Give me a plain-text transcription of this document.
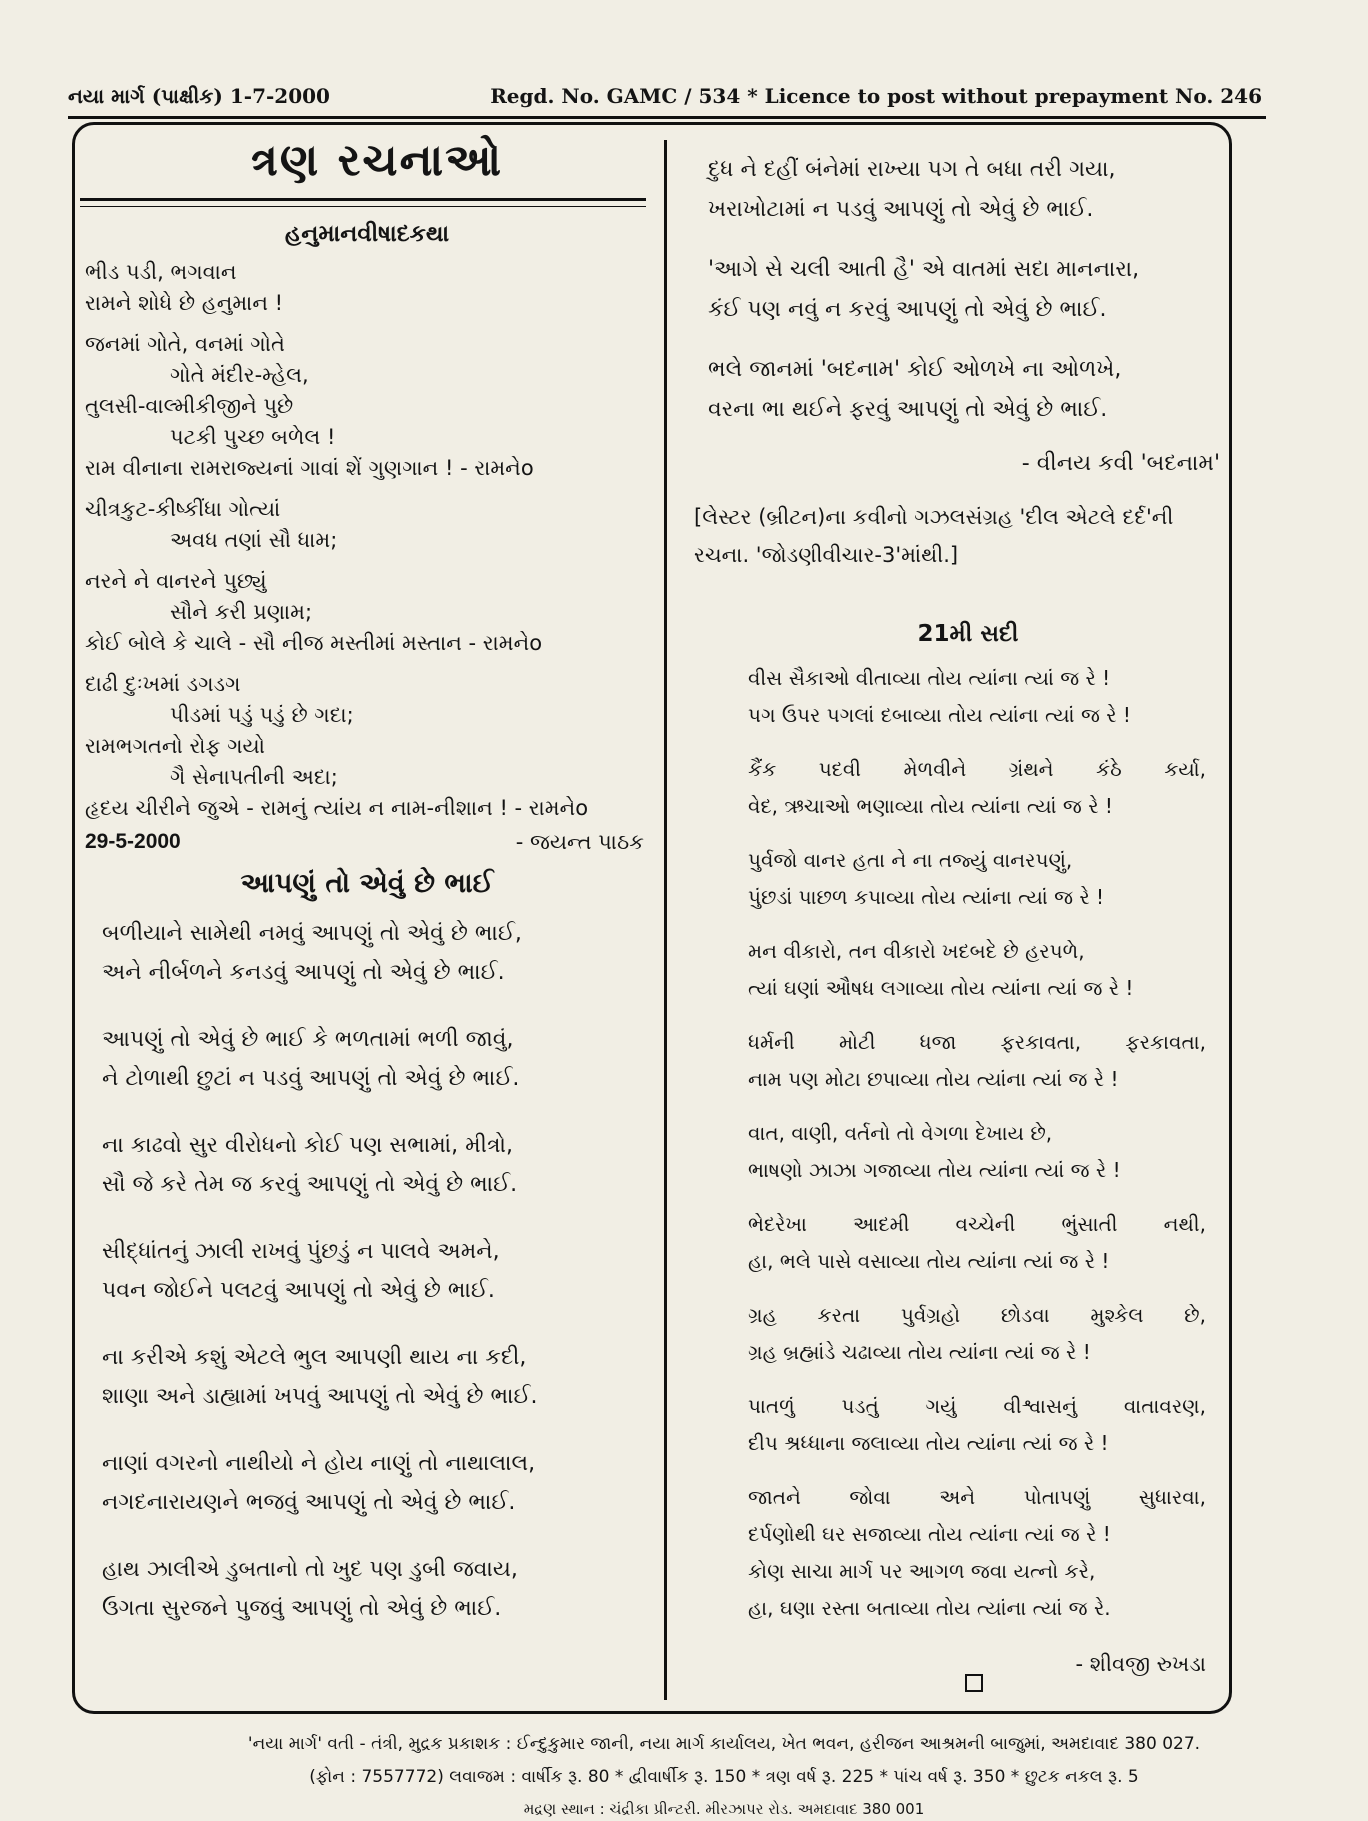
નયા માર્ગ (પાક્ષીક) 1-7-2000	Regd. No. GAMC / 534 * Licence to post without prepayment No. 246
ત્રણ રચનાઓ
હનુમાનવીષાદકથા
ભીડ પડી, ભગવાન
રામને શોધે છે હનુમાન !
જનમાં ગોતે, વનમાં ગોતે
ગોતે મંદીર-મ્હેલ,
તુલસી-વાલ્મીકીજીને પુછે
પટકી પુચ્છ બળેલ !
રામ વીનાના રામરાજ્યનાં ગાવાં શેં ગુણગાન ! - રામનેo
ચીત્રકુટ-કીષ્કીંધા ગોત્યાં
અવધ તણાં સૌ ધામ;
નરને ને વાનરને પુછ્યું
સૌને કરી પ્રણામ;
કોઈ બોલે કે ચાલે - સૌ નીજ મસ્તીમાં મસ્તાન - રામનેo
દાઢી દુઃખમાં ડગડગ
પીડમાં પડું પડું છે ગદા;
રામભગતનો રોફ ગયો
ગૈ સેનાપતીની અદા;
હૃદય ચીરીને જુએ - રામનું ત્યાંય ન નામ-નીશાન ! - રામનેo
29-5-2000	- જયન્ત પાઠક
આપણું તો એવું છે ભાઈ
બળીયાને સામેથી નમવું આપણું તો એવું છે ભાઈ,
અને નીર્બળને કનડવું આપણું તો એવું છે ભાઈ.
આપણું તો એવું છે ભાઈ કે ભળતામાં ભળી જાવું,
ને ટોળાથી છુટાં ન પડવું આપણું તો એવું છે ભાઈ.
ના કાઢવો સુર વીરોધનો કોઈ પણ સભામાં, મીત્રો,
સૌ જે કરે તેમ જ કરવું આપણું તો એવું છે ભાઈ.
સીદ્ધાંતનું ઝાલી રાખવું પુંછડું ન પાલવે અમને,
પવન જોઈને પલટવું આપણું તો એવું છે ભાઈ.
ના કરીએ કશું એટલે ભુલ આપણી થાય ના કદી,
શાણા અને ડાહ્યામાં ખપવું આપણું તો એવું છે ભાઈ.
નાણાં વગરનો નાથીયો ને હોય નાણું તો નાથાલાલ,
નગદનારાયણને ભજવું આપણું તો એવું છે ભાઈ.
હાથ ઝાલીએ ડુબતાનો તો ખુદ પણ ડુબી જવાય,
ઉગતા સુરજને પુજવું આપણું તો એવું છે ભાઈ.
દુધ ને દહીં બંનેમાં રાખ્યા પગ તે બધા તરી ગયા,
ખરાખોટામાં ન પડવું આપણું તો એવું છે ભાઈ.
'આગે સે ચલી આતી હૈ' એ વાતમાં સદા માનનારા,
કંઈ પણ નવું ન કરવું આપણું તો એવું છે ભાઈ.
ભલે જાનમાં 'બદનામ' કોઈ ઓળખે ના ઓળખે,
વરના ભા થઈને ફરવું આપણું તો એવું છે ભાઈ.
- વીનય કવી 'બદનામ'
[લેસ્ટર (બ્રીટન)ના કવીનો ગઝલસંગ્રહ 'દીલ એટલે દર્દ'ની રચના. 'જોડણીવીચાર-3'માંથી.]
21મી સદી
વીસ સૈકાઓ વીતાવ્યા તોય ત્યાંના ત્યાં જ રે !
પગ ઉપર પગલાં દબાવ્યા તોય ત્યાંના ત્યાં જ રે !
કૈંક પદવી મેળવીને ગ્રંથને કંઠે કર્યા,
વેદ, ઋચાઓ ભણાવ્યા તોય ત્યાંના ત્યાં જ રે !
પુર્વજો વાનર હતા ને ના તજ્યું વાનરપણું,
પુંછડાં પાછળ કપાવ્યા તોય ત્યાંના ત્યાં જ રે !
મન વીકારો, તન વીકારો ખદબદે છે હરપળે,
ત્યાં ઘણાં ઔષધ લગાવ્યા તોય ત્યાંના ત્યાં જ રે !
ધર્મની મોટી ધજા ફરકાવતા, ફરકાવતા,
નામ પણ મોટા છપાવ્યા તોય ત્યાંના ત્યાં જ રે !
વાત, વાણી, વર્તનો તો વેગળા દેખાય છે,
ભાષણો ઝાઝા ગજાવ્યા તોય ત્યાંના ત્યાં જ રે !
ભેદરેખા આદમી વચ્ચેની ભુંસાતી નથી,
હા, ભલે પાસે વસાવ્યા તોય ત્યાંના ત્યાં જ રે !
ગ્રહ કરતા પુર્વગ્રહો છોડવા મુશ્કેલ છે,
ગ્રહ બ્રહ્માંડે ચઢાવ્યા તોય ત્યાંના ત્યાં જ રે !
પાતળું પડતું ગયું વીશ્વાસનું વાતાવરણ,
દીપ શ્રધ્ધાના જલાવ્યા તોય ત્યાંના ત્યાં જ રે !
જાતને જોવા અને પોતાપણું સુધારવા,
દર્પણોથી ઘર સજાવ્યા તોય ત્યાંના ત્યાં જ રે !
કોણ સાચા માર્ગ પર આગળ જવા યત્નો કરે,
હા, ઘણા રસ્તા બતાવ્યા તોય ત્યાંના ત્યાં જ રે.
- શીવજી રુખડા
'નયા માર્ગ' વતી - તંત્રી, મુદ્રક પ્રકાશક : ઈન્દુકુમાર જાની, નયા માર્ગ કાર્યાલય, ખેત ભવન, હરીજન આશ્રમની બાજુમાં, અમદાવાદ 380 027.
(ફોન : 7557772) લવાજમ : વાર્ષીક રૂ. 80 * દ્વીવાર્ષીક રૂ. 150 * ત્રણ વર્ષ રૂ. 225 * પાંચ વર્ષ રૂ. 350 * છુટક નકલ રૂ. 5
મદ્રણ સ્થાન : ચંદ્રીકા પ્રીન્ટરી. મીરઝાપર રોડ. અમદાવાદ 380 001
